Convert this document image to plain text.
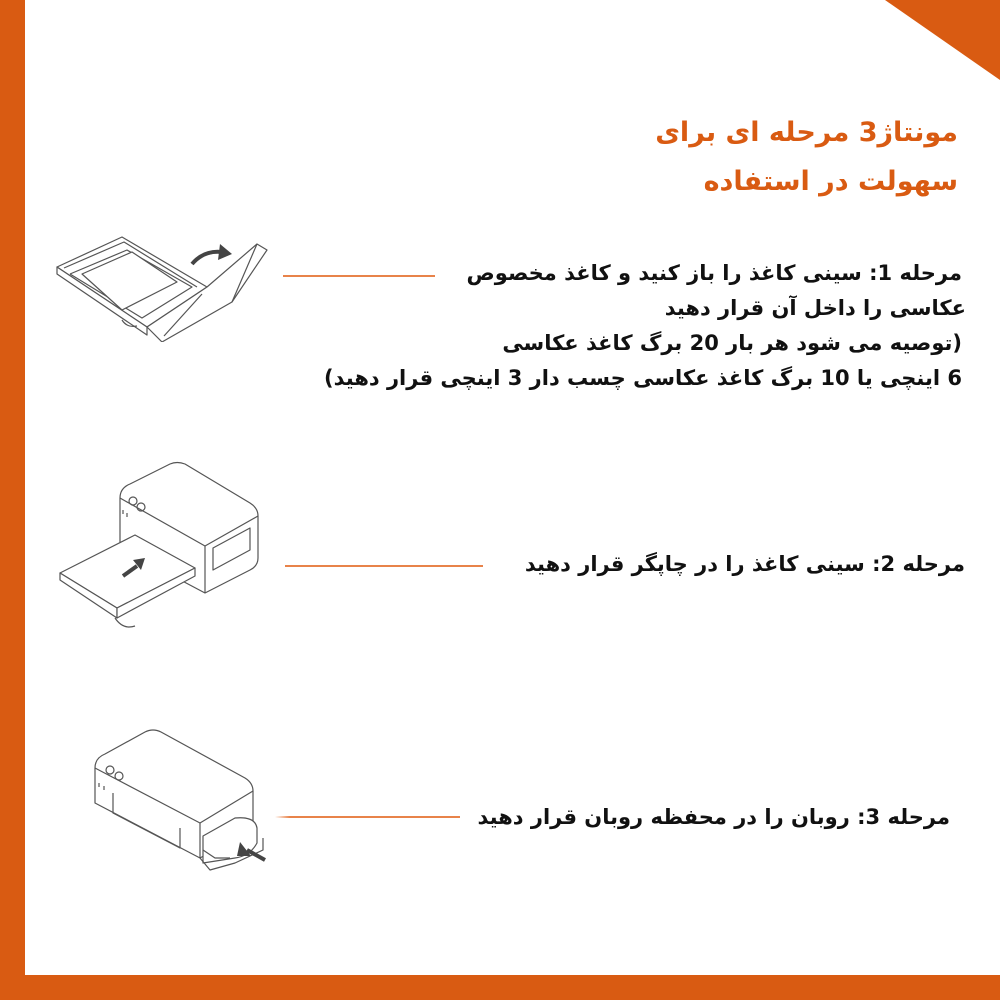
مونتاژ3 مرحله ای برای
سهولت در استفاده
مرحله 1: سینی کاغذ را باز کنید و کاغذ مخصوص
عکاسی را داخل آن قرار دهید
(توصیه می شود هر بار 20 برگ کاغذ عکاسی
6 اینچی یا 10 برگ کاغذ عکاسی چسب دار 3 اینچی قرار دهید)
مرحله 2: سینی کاغذ را در چاپگر قرار دهید
مرحله 3: روبان را در محفظه روبان قرار دهید
